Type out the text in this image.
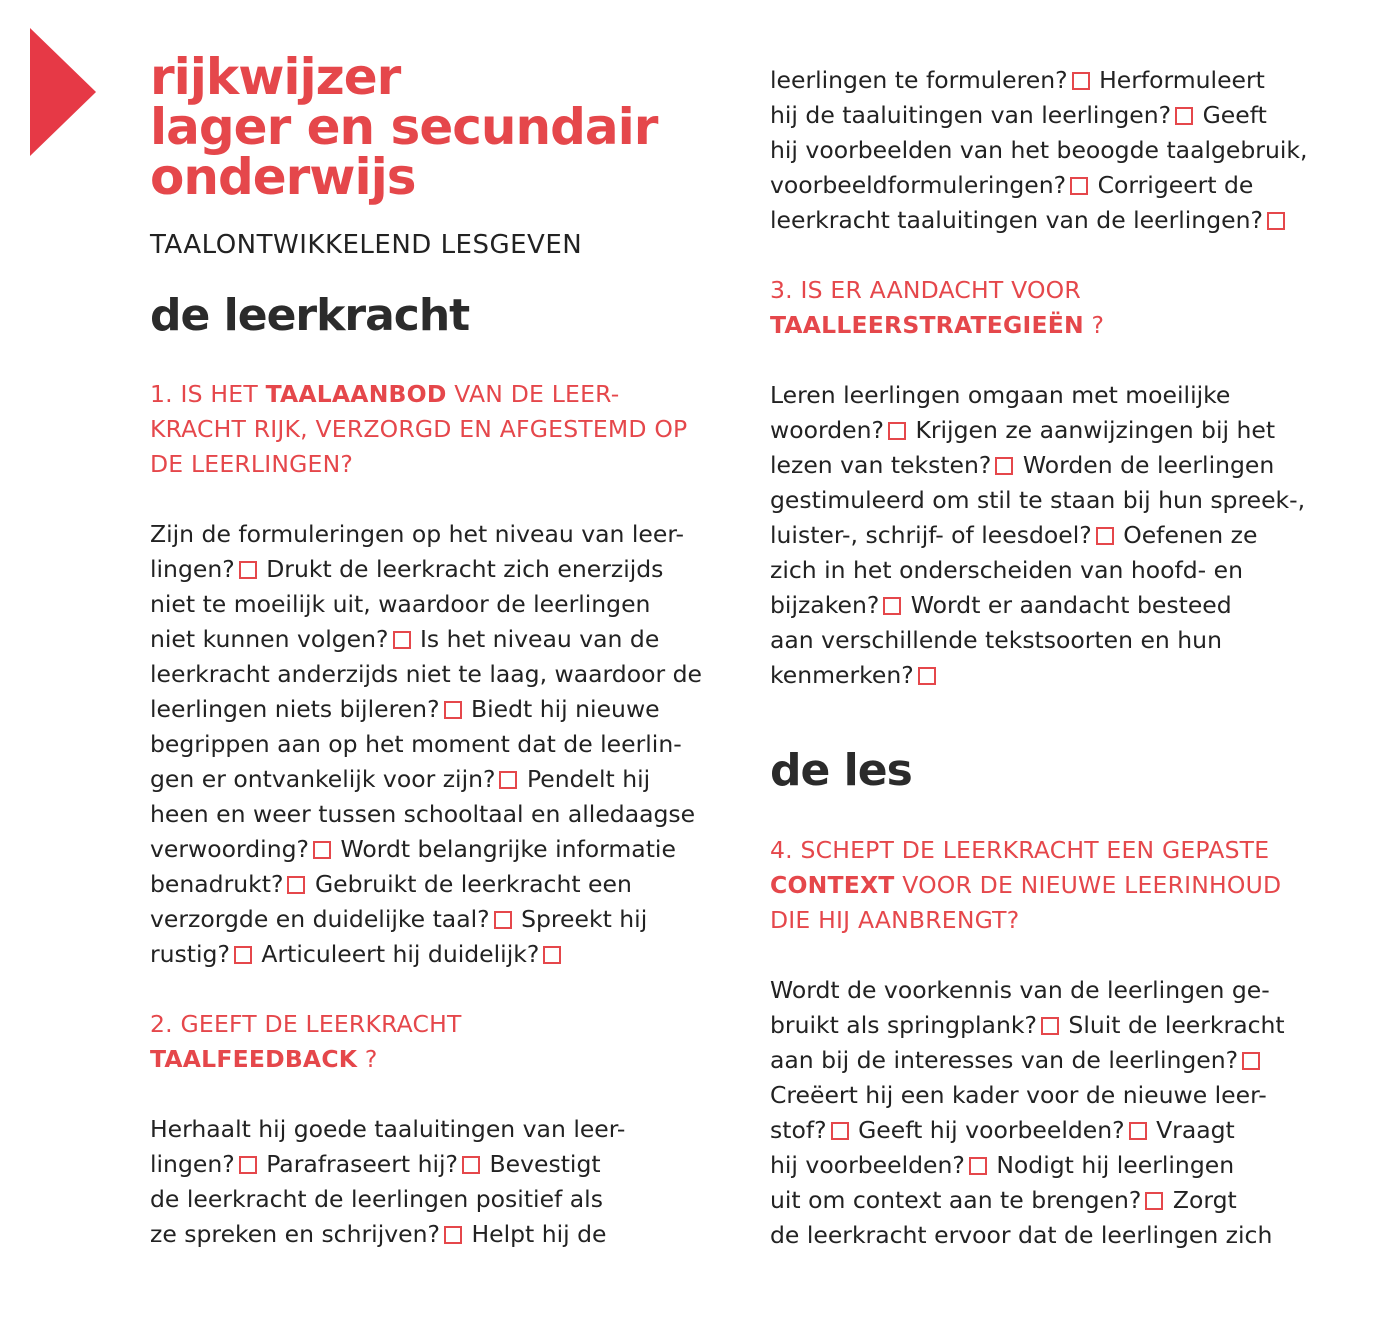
rijkwijzer
lager en secundair
onderwijs
TAALONTWIKKELEND LESGEVEN
de leerkracht
1. IS HET TAALAANBOD VAN DE LEER-
KRACHT RIJK, VERZORGD EN AFGESTEMD OP
DE LEERLINGEN?
Zijn de formuleringen op het niveau van leer-
lingen? Drukt de leerkracht zich enerzijds
niet te moeilijk uit, waardoor de leerlingen
niet kunnen volgen? Is het niveau van de
leerkracht anderzijds niet te laag, waardoor de
leerlingen niets bijleren? Biedt hij nieuwe
begrippen aan op het moment dat de leerlin-
gen er ontvankelijk voor zijn? Pendelt hij
heen en weer tussen schooltaal en alledaagse
verwoording? Wordt belangrijke informatie
benadrukt? Gebruikt de leerkracht een
verzorgde en duidelijke taal? Spreekt hij
rustig? Articuleert hij duidelijk?
2. GEEFT DE LEERKRACHT
TAALFEEDBACK ?
Herhaalt hij goede taaluitingen van leer-
lingen? Parafraseert hij? Bevestigt
de leerkracht de leerlingen positief als
ze spreken en schrijven? Helpt hij de
leerlingen te formuleren? Herformuleert
hij de taaluitingen van leerlingen? Geeft
hij voorbeelden van het beoogde taalgebruik,
voorbeeldformuleringen? Corrigeert de
leerkracht taaluitingen van de leerlingen?
3. IS ER AANDACHT VOOR
TAALLEERSTRATEGIEËN ?
Leren leerlingen omgaan met moeilijke
woorden? Krijgen ze aanwijzingen bij het
lezen van teksten? Worden de leerlingen
gestimuleerd om stil te staan bij hun spreek-,
luister-, schrijf- of leesdoel? Oefenen ze
zich in het onderscheiden van hoofd- en
bijzaken? Wordt er aandacht besteed
aan verschillende tekstsoorten en hun
kenmerken?
de les
4. SCHEPT DE LEERKRACHT EEN GEPASTE
CONTEXT VOOR DE NIEUWE LEERINHOUD
DIE HIJ AANBRENGT?
Wordt de voorkennis van de leerlingen ge-
bruikt als springplank? Sluit de leerkracht
aan bij de interesses van de leerlingen?
Creëert hij een kader voor de nieuwe leer-
stof? Geeft hij voorbeelden? Vraagt
hij voorbeelden? Nodigt hij leerlingen
uit om context aan te brengen? Zorgt
de leerkracht ervoor dat de leerlingen zich
